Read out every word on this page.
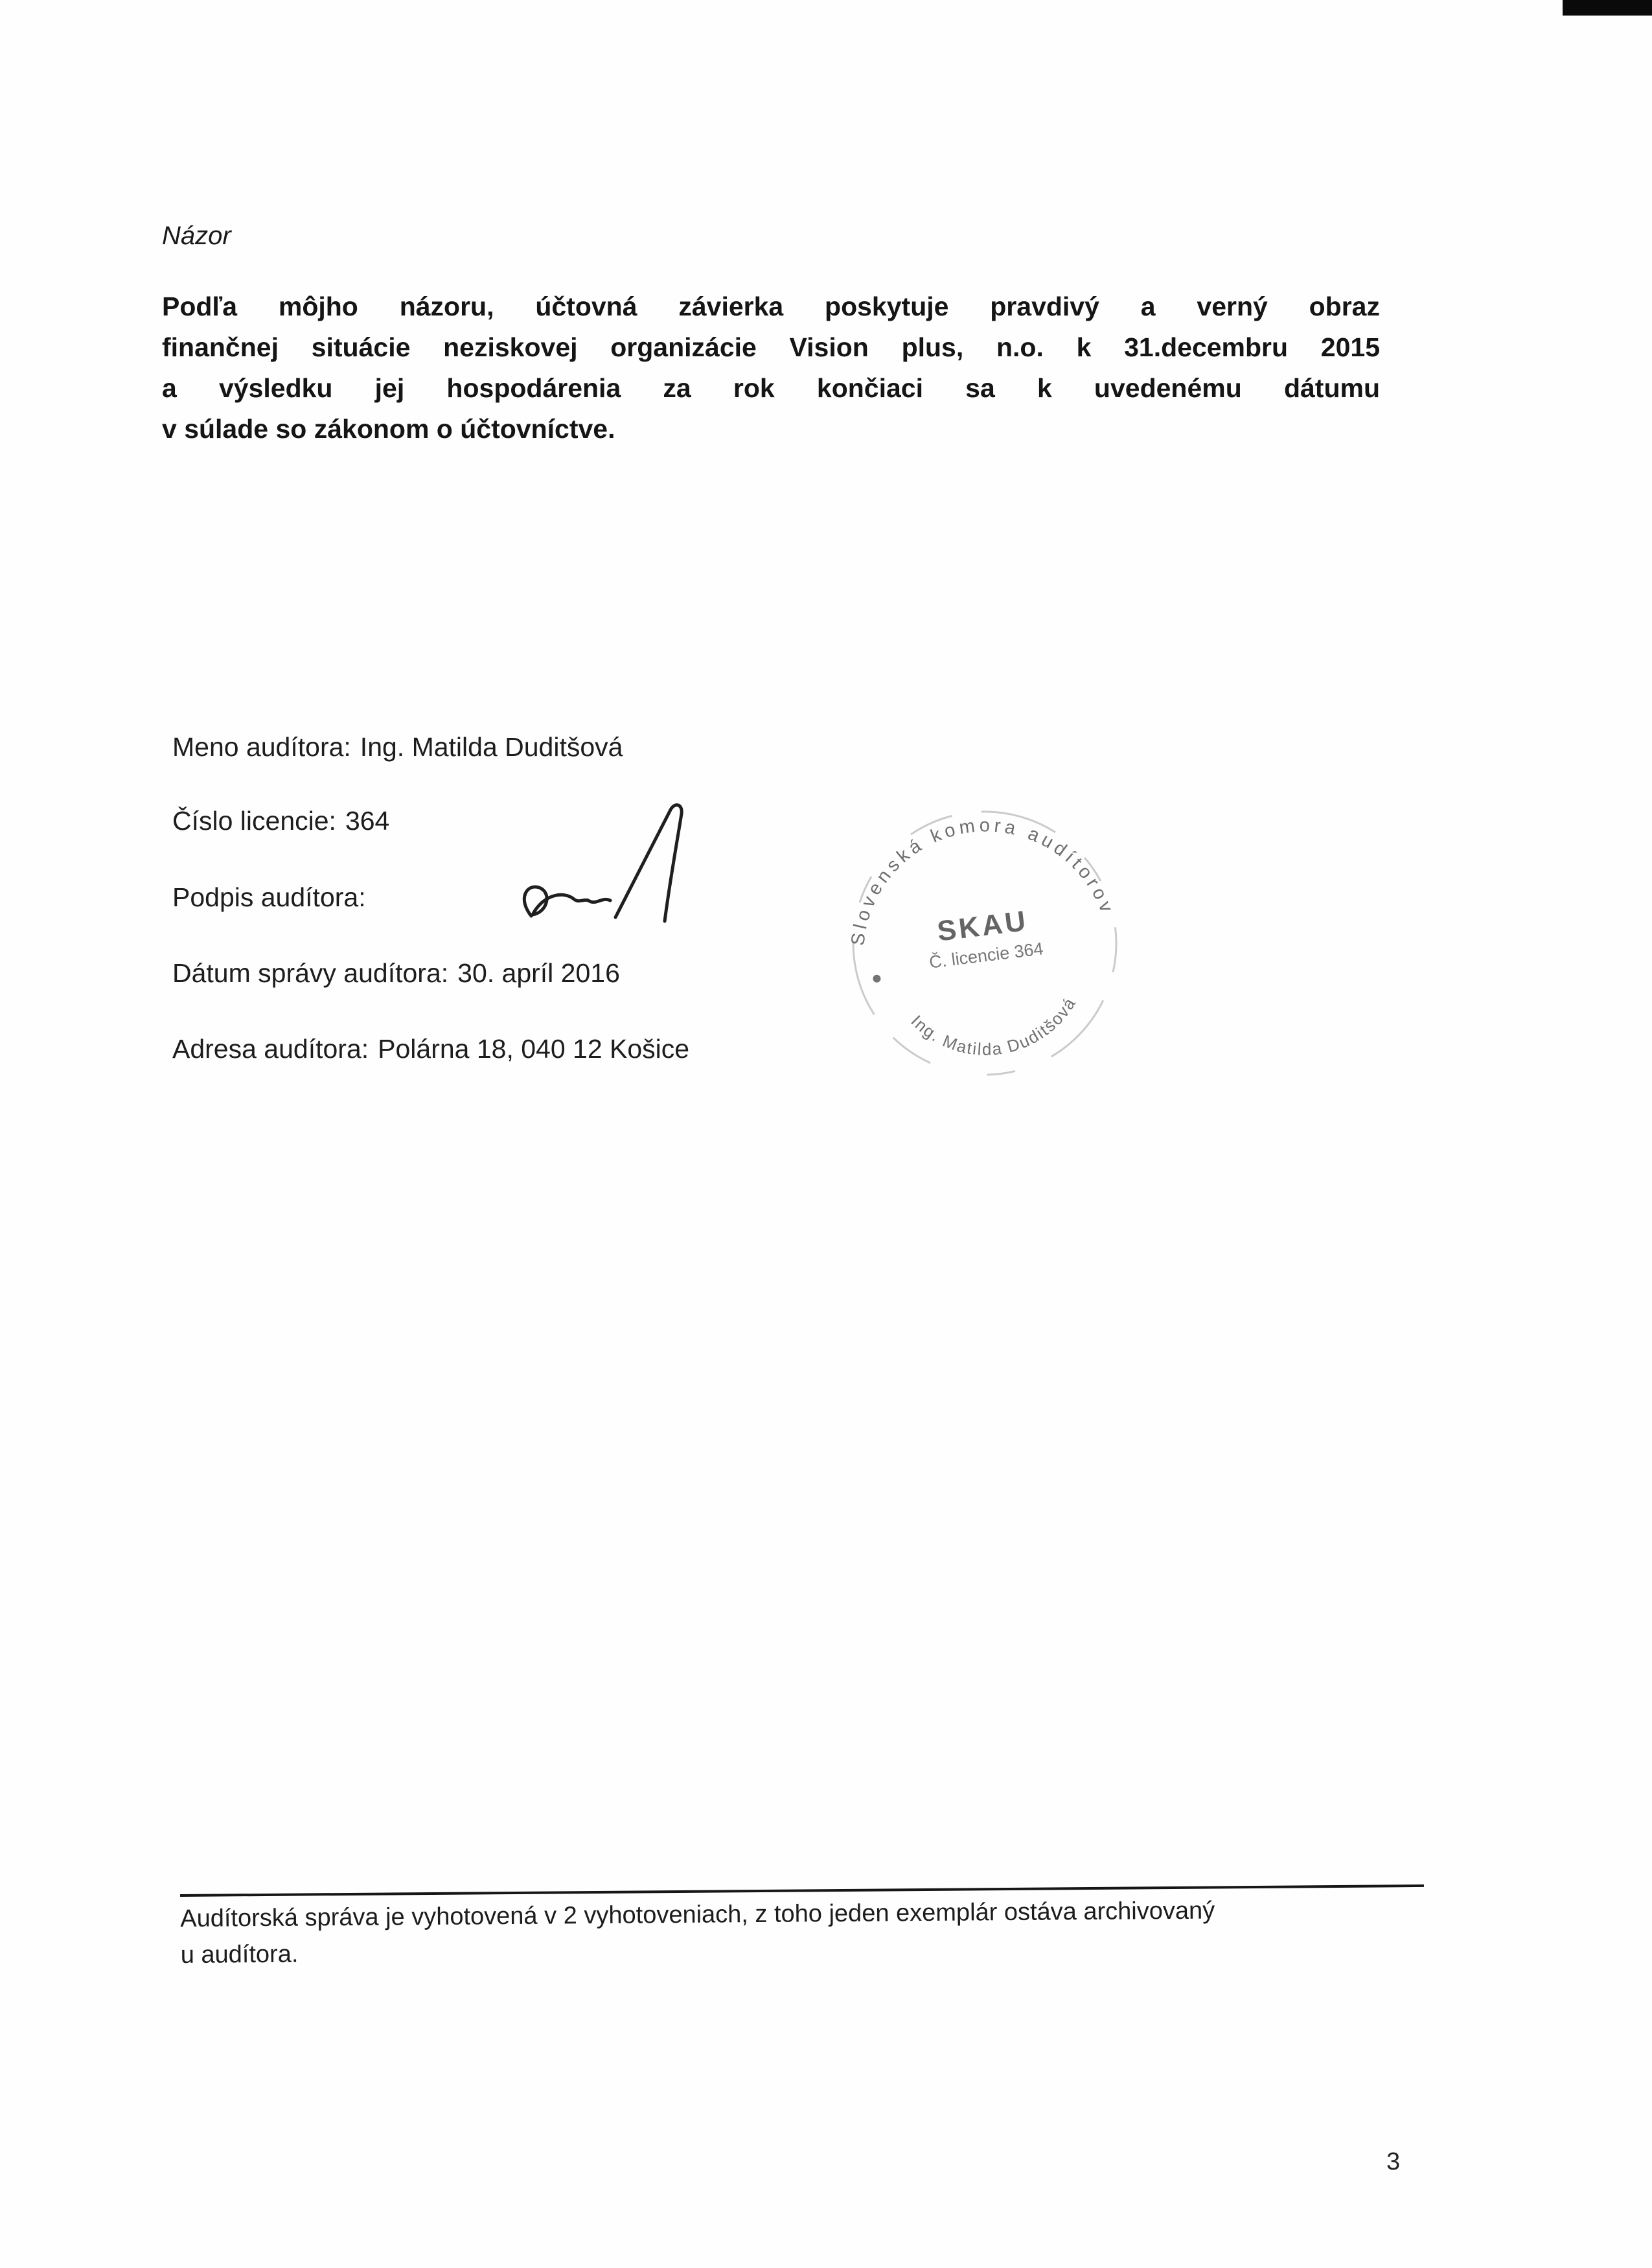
Názor
Podľa môjho názoru, účtovná závierka poskytuje pravdivý a verný obraz
finančnej situácie neziskovej organizácie Vision plus, n.o. k 31.decembru 2015
a výsledku jej hospodárenia za rok končiaci sa k uvedenému dátumu
v súlade so zákonom o účtovníctve.
Meno audítora: Ing. Matilda Duditšová
Číslo licencie: 364
Podpis audítora:
Dátum správy audítora: 30. apríl 2016
Adresa audítora: Polárna 18, 040 12 Košice
Slovenská komora audítorov
SKAU
Č. licencie 364
Ing. Matilda Duditšová
Audítorská správa je vyhotovená v 2 vyhotoveniach, z toho jeden exemplár ostáva archivovaný
u audítora.
3
